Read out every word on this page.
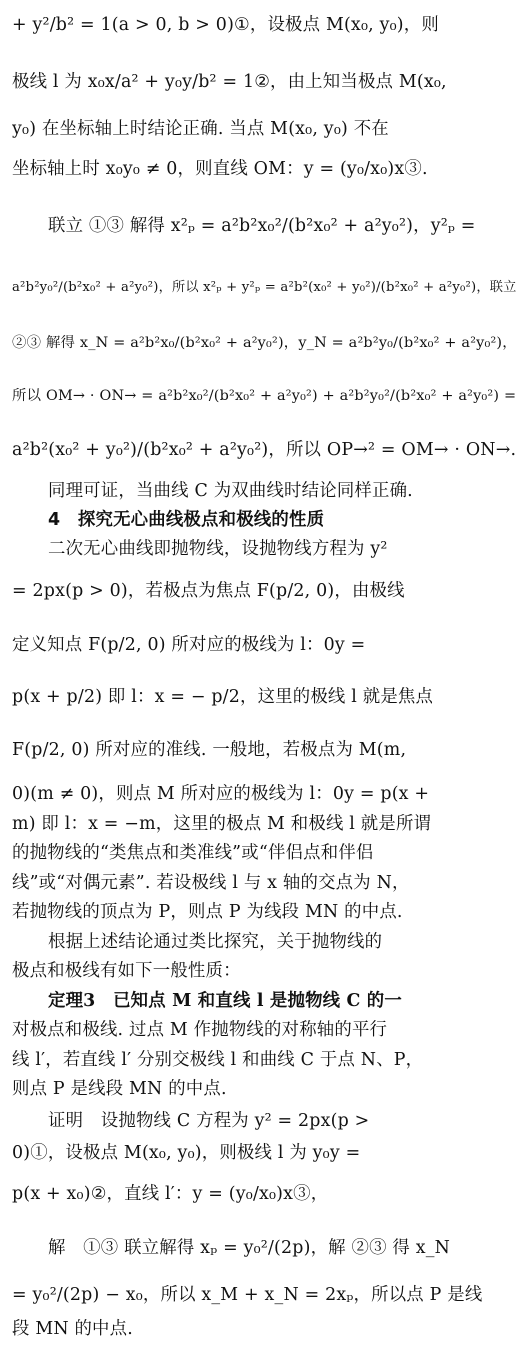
+ y²/b² = 1(a > 0, b > 0)①，设极点 M(x₀, y₀)，则
极线 l 为 x₀x/a² + y₀y/b² = 1②，由上知当极点 M(x₀,
y₀) 在坐标轴上时结论正确. 当点 M(x₀, y₀) 不在
坐标轴上时 x₀y₀ ≠ 0，则直线 OM：y = (y₀/x₀)x③.
联立 ①③ 解得 x²ₚ = a²b²x₀²/(b²x₀² + a²y₀²)，y²ₚ =
a²b²y₀²/(b²x₀² + a²y₀²)，所以 x²ₚ + y²ₚ = a²b²(x₀² + y₀²)/(b²x₀² + a²y₀²)，联立
②③ 解得 x_N = a²b²x₀/(b²x₀² + a²y₀²)，y_N = a²b²y₀/(b²x₀² + a²y₀²)，
所以 OM→ · ON→ = a²b²x₀²/(b²x₀² + a²y₀²) + a²b²y₀²/(b²x₀² + a²y₀²) =
a²b²(x₀² + y₀²)/(b²x₀² + a²y₀²)，所以 OP→² = OM→ · ON→.
同理可证，当曲线 C 为双曲线时结论同样正确.
4　探究无心曲线极点和极线的性质
二次无心曲线即抛物线，设抛物线方程为 y²
= 2px(p > 0)，若极点为焦点 F(p/2, 0)，由极线
定义知点 F(p/2, 0) 所对应的极线为 l：0y =
p(x + p/2) 即 l：x = − p/2，这里的极线 l 就是焦点
F(p/2, 0) 所对应的准线. 一般地，若极点为 M(m,
0)(m ≠ 0)，则点 M 所对应的极线为 l：0y = p(x +
m) 即 l：x = −m，这里的极点 M 和极线 l 就是所谓
的抛物线的“类焦点和类准线”或“伴侣点和伴侣
线”或“对偶元素”. 若设极线 l 与 x 轴的交点为 N，
若抛物线的顶点为 P，则点 P 为线段 MN 的中点.
根据上述结论通过类比探究，关于抛物线的
极点和极线有如下一般性质：
定理3　已知点 M 和直线 l 是抛物线 C 的一
对极点和极线. 过点 M 作抛物线的对称轴的平行
线 l′，若直线 l′ 分别交极线 l 和曲线 C 于点 N、P，
则点 P 是线段 MN 的中点.
证明　设抛物线 C 方程为 y² = 2px(p >
0)①，设极点 M(x₀, y₀)，则极线 l 为 y₀y =
p(x + x₀)②，直线 l′：y = (y₀/x₀)x③，
解　①③ 联立解得 xₚ = y₀²/(2p)，解 ②③ 得 x_N
= y₀²/(2p) − x₀，所以 x_M + x_N = 2xₚ，所以点 P 是线
段 MN 的中点.
